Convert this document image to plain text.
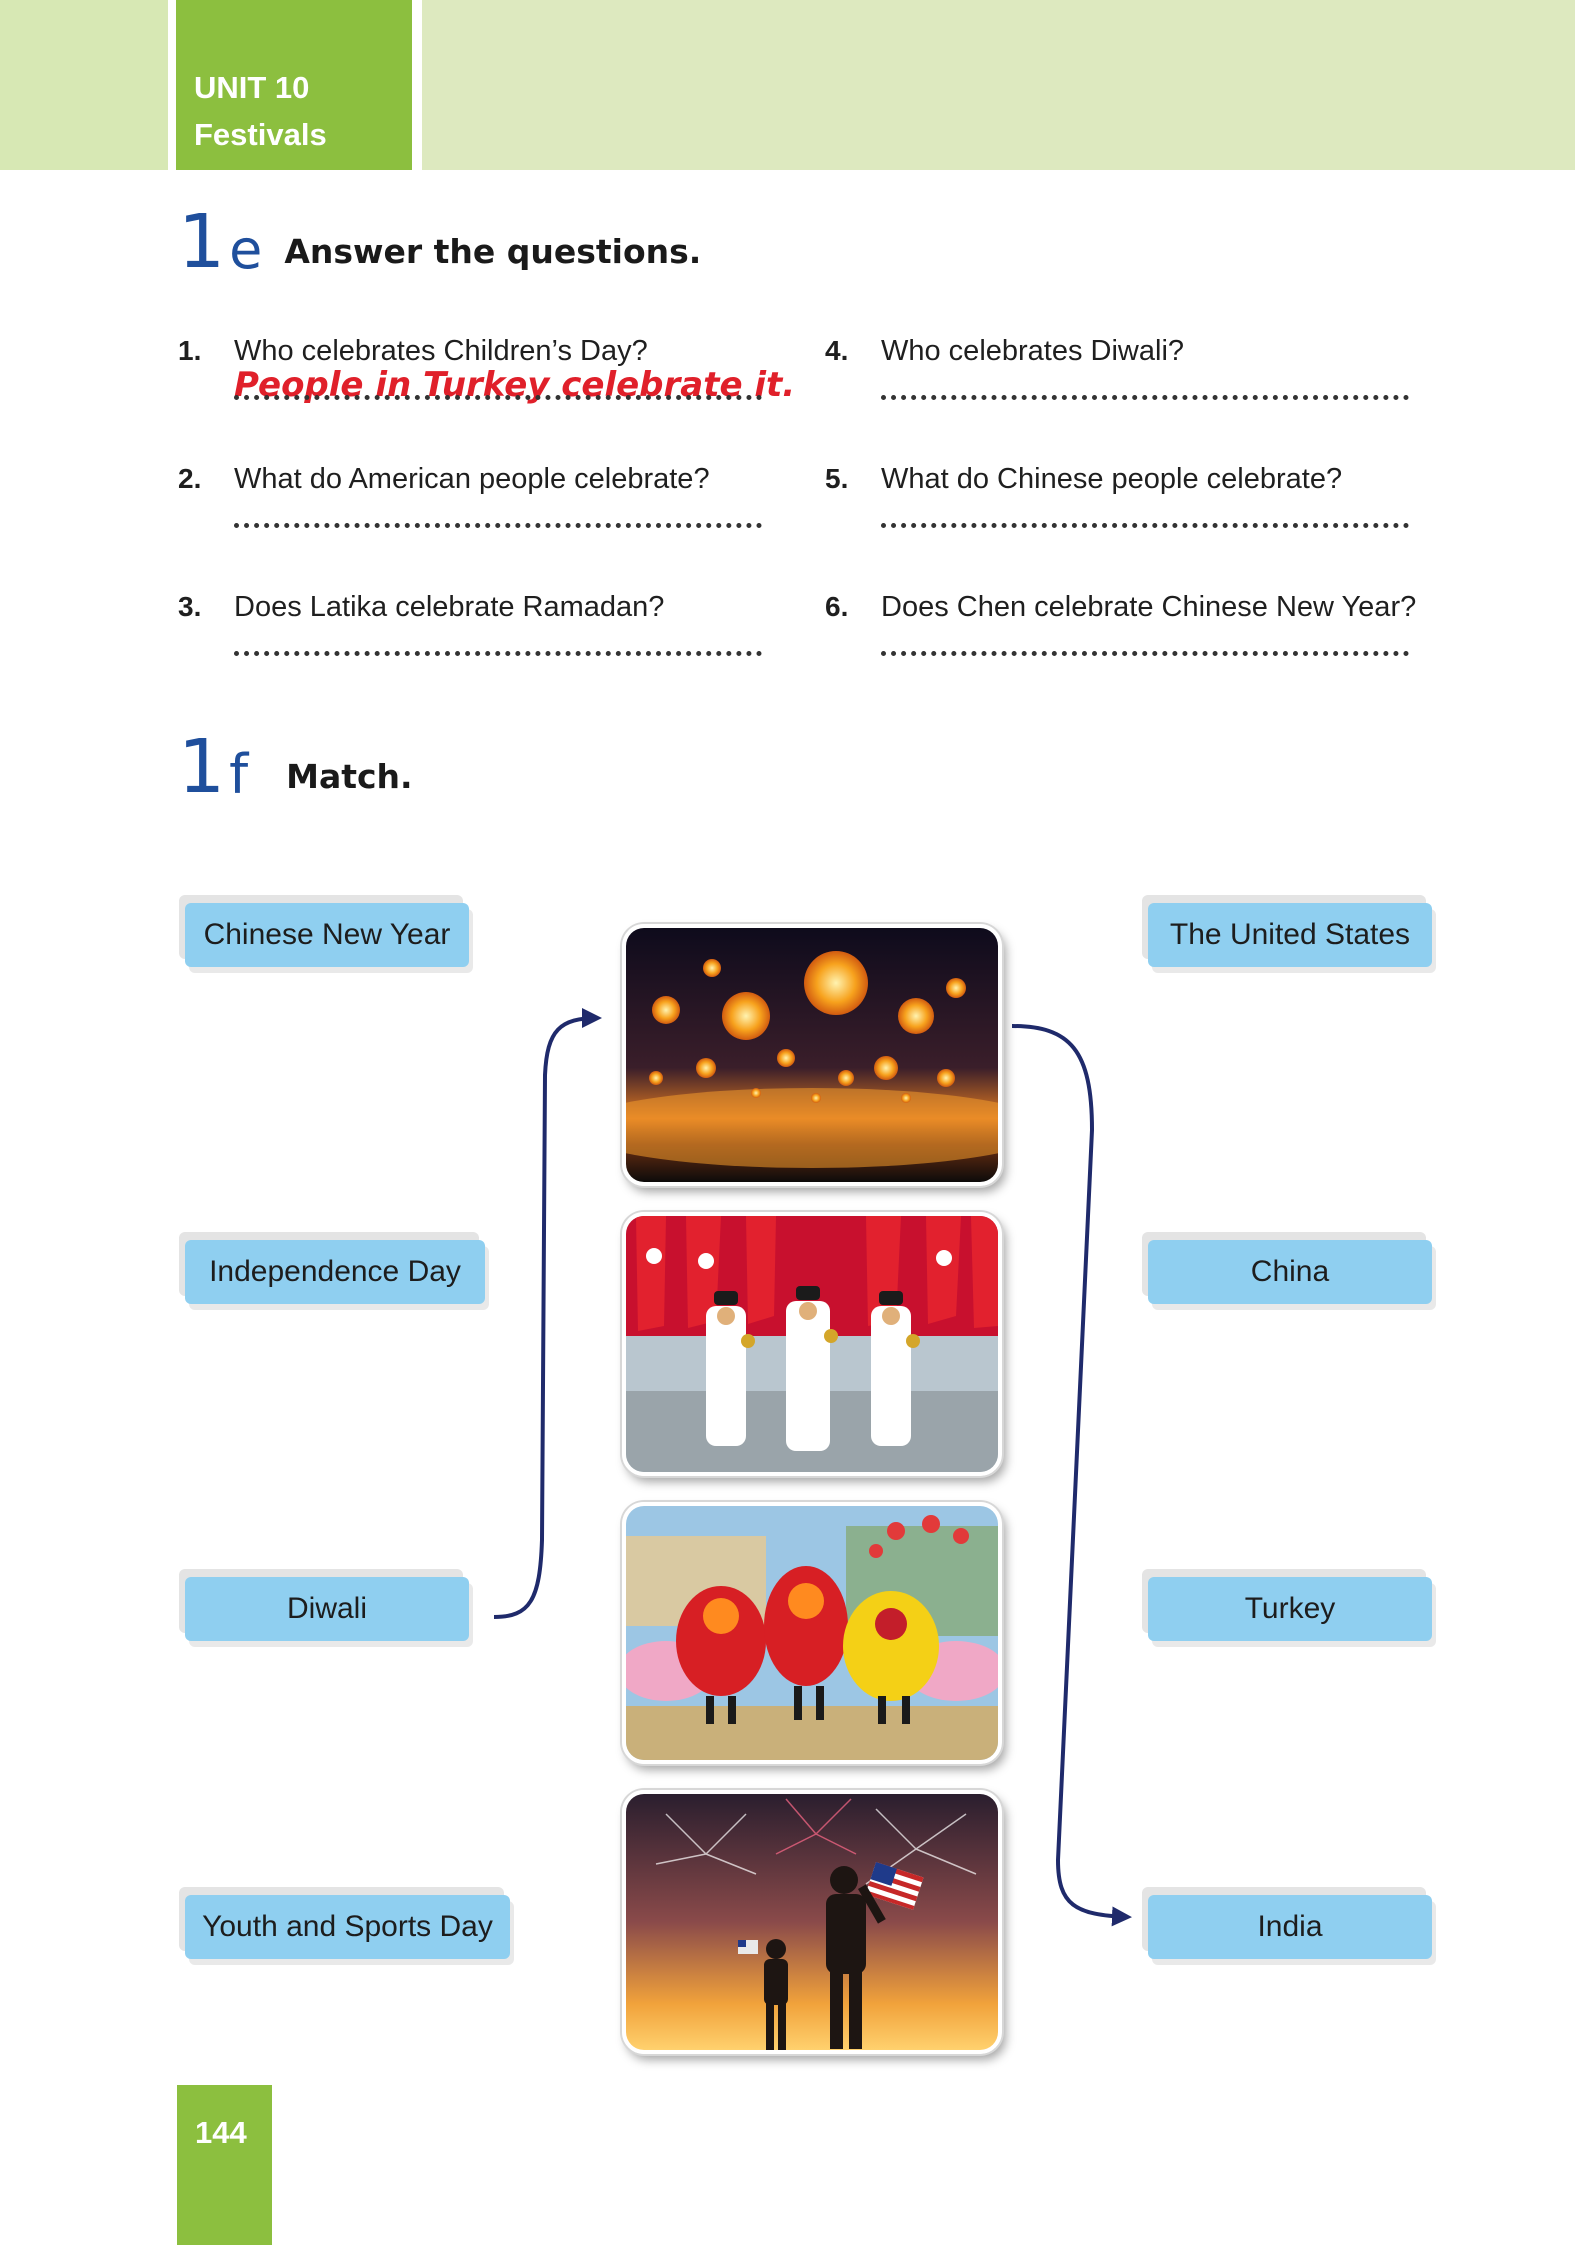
UNIT 10
Festivals
1 e Answer the questions.
1. Who celebrates Children’s Day?
People in Turkey celebrate it.
2. What do American people celebrate?
3. Does Latika celebrate Ramadan?
4. Who celebrates Diwali?
5. What do Chinese people celebrate?
6. Does Chen celebrate Chinese New Year?
1 f Match.
Chinese New Year
Independence Day
Diwali
Youth and Sports Day
The United States
China
Turkey
India
144
